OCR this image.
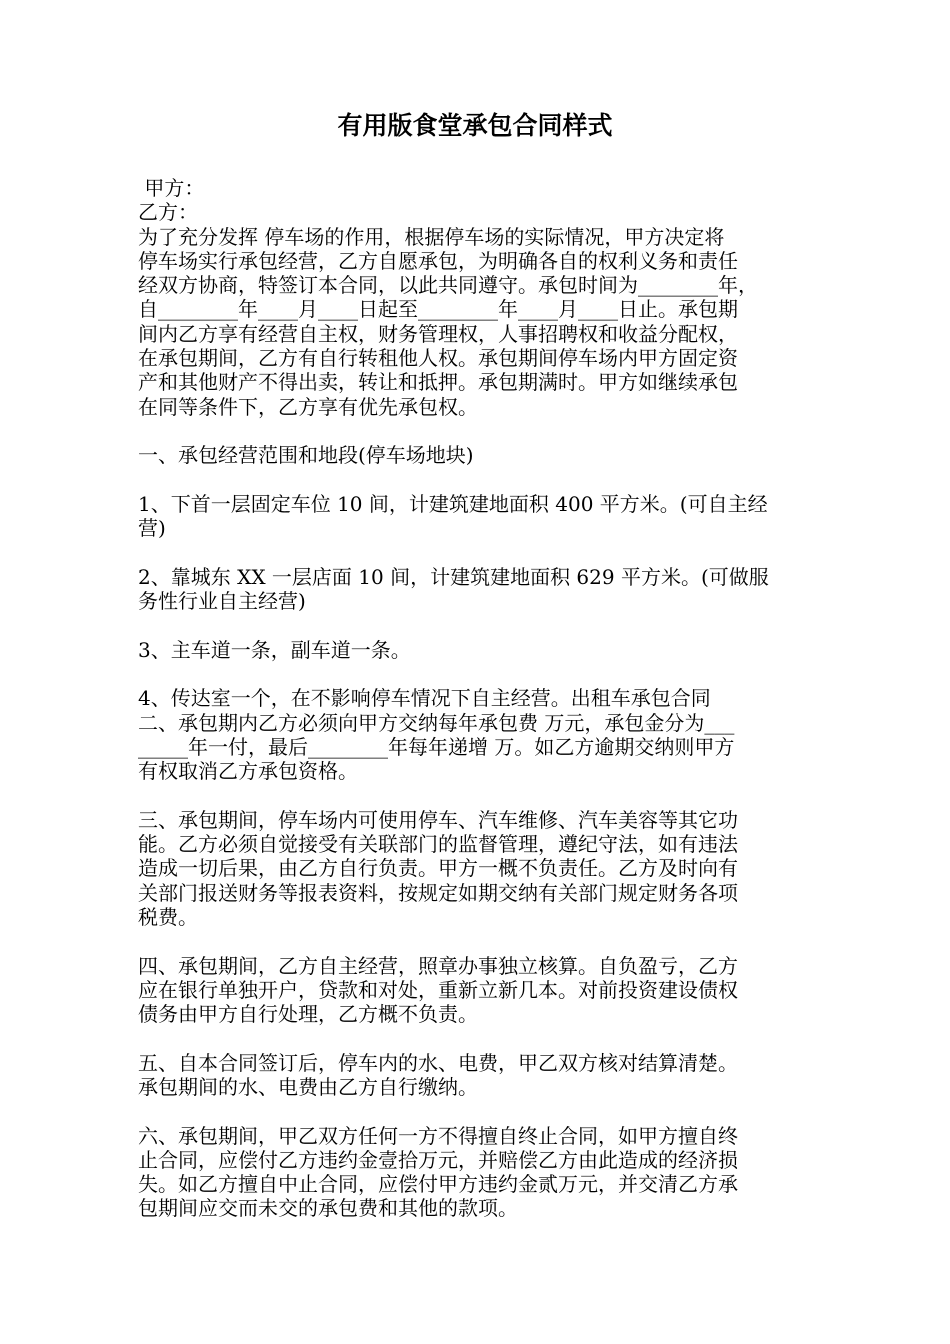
有用版食堂承包合同样式
甲方：
乙方：
为了充分发挥 停车场的作用，根据停车场的实际情况，甲方决定将
停车场实行承包经营，乙方自愿承包，为明确各自的权利义务和责任
经双方协商，特签订本合同，以此共同遵守。承包时间为________年，
自________年____月____日起至________年____月____日止。承包期
间内乙方享有经营自主权，财务管理权，人事招聘权和收益分配权，
在承包期间，乙方有自行转租他人权。承包期间停车场内甲方固定资
产和其他财产不得出卖，转让和抵押。承包期满时。甲方如继续承包
在同等条件下，乙方享有优先承包权。
一、承包经营范围和地段(停车场地块)
1、下首一层固定车位 10 间，计建筑建地面积 400 平方米。(可自主经
营)
2、靠城东 XX 一层店面 10 间，计建筑建地面积 629 平方米。(可做服
务性行业自主经营)
3、主车道一条，副车道一条。
4、传达室一个，在不影响停车情况下自主经营。出租车承包合同
二、承包期内乙方必须向甲方交纳每年承包费 万元，承包金分为___
_____年一付，最后________年每年递增 万。如乙方逾期交纳则甲方
有权取消乙方承包资格。
三、承包期间，停车场内可使用停车、汽车维修、汽车美容等其它功
能。乙方必须自觉接受有关联部门的监督管理，遵纪守法，如有违法
造成一切后果，由乙方自行负责。甲方一概不负责任。乙方及时向有
关部门报送财务等报表资料，按规定如期交纳有关部门规定财务各项
税费。
四、承包期间，乙方自主经营，照章办事独立核算。自负盈亏，乙方
应在银行单独开户，贷款和对处，重新立新几本。对前投资建设债权
债务由甲方自行处理，乙方概不负责。
五、自本合同签订后，停车内的水、电费，甲乙双方核对结算清楚。
承包期间的水、电费由乙方自行缴纳。
六、承包期间，甲乙双方任何一方不得擅自终止合同，如甲方擅自终
止合同，应偿付乙方违约金壹拾万元，并赔偿乙方由此造成的经济损
失。如乙方擅自中止合同，应偿付甲方违约金贰万元，并交清乙方承
包期间应交而未交的承包费和其他的款项。
